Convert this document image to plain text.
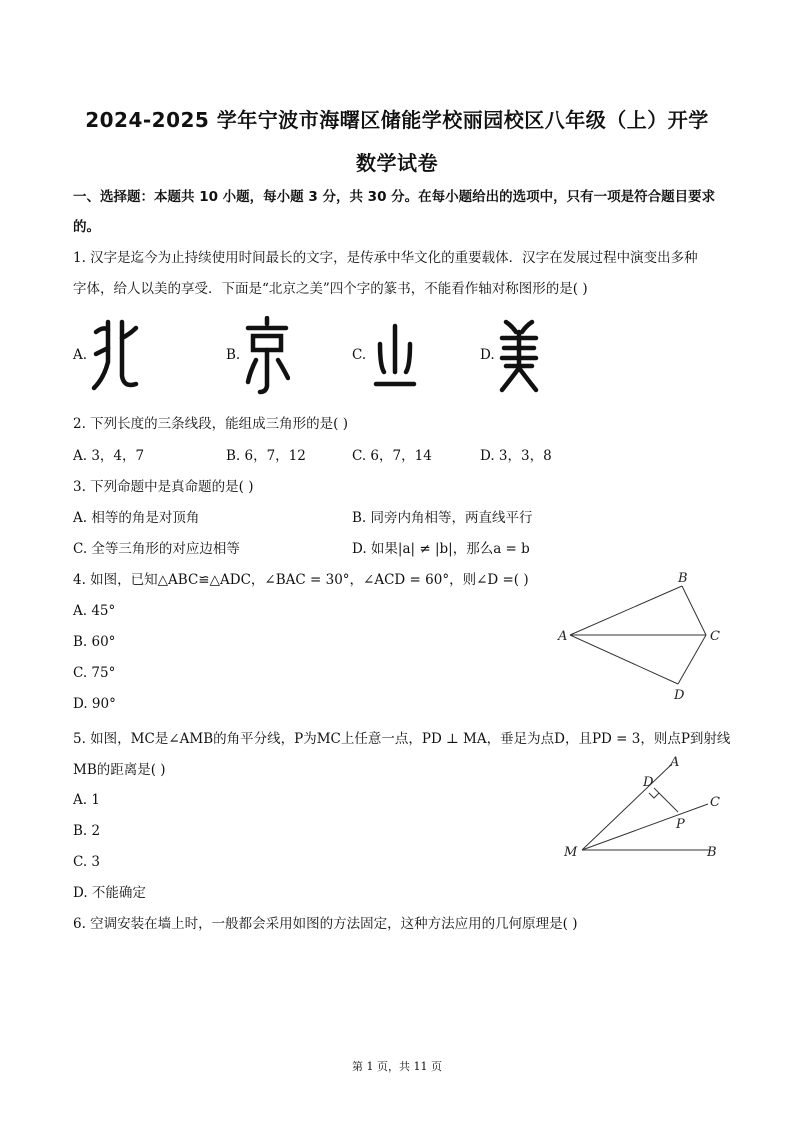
2024-2025 学年宁波市海曙区储能学校丽园校区八年级（上）开学
数学试卷
一、选择题：本题共 10 小题，每小题 3 分，共 30 分。在每小题给出的选项中，只有一项是符合题目要求
的。
1. 汉字是迄今为止持续使用时间最长的文字，是传承中华文化的重要载体．汉字在发展过程中演变出多种
字体，给人以美的享受．下面是“北京之美”四个字的篆书，不能看作轴对称图形的是( )
A.	B.	C.	D.
2. 下列长度的三条线段，能组成三角形的是( )
A. 3，4，7	B. 6，7，12	C. 6，7，14	D. 3，3，8
3. 下列命题中是真命题的是( )
A. 相等的角是对顶角	B. 同旁内角相等，两直线平行
C. 全等三角形的对应边相等	D. 如果|a| ≠ |b|，那么a = b
4. 如图，已知△ABC≌△ADC，∠BAC = 30°，∠ACD = 60°，则∠D =( )
A. 45°
B. 60°
C. 75°
D. 90°
A
B
C
D
5. 如图，MC是∠AMB的角平分线，P为MC上任意一点，PD ⊥ MA，垂足为点D，且PD = 3，则点P到射线
MB的距离是( )
A. 1
B. 2
C. 3
D. 不能确定
A
C
B
M
D
P
6. 空调安装在墙上时，一般都会采用如图的方法固定，这种方法应用的几何原理是( )
第 1 页，共 11 页
